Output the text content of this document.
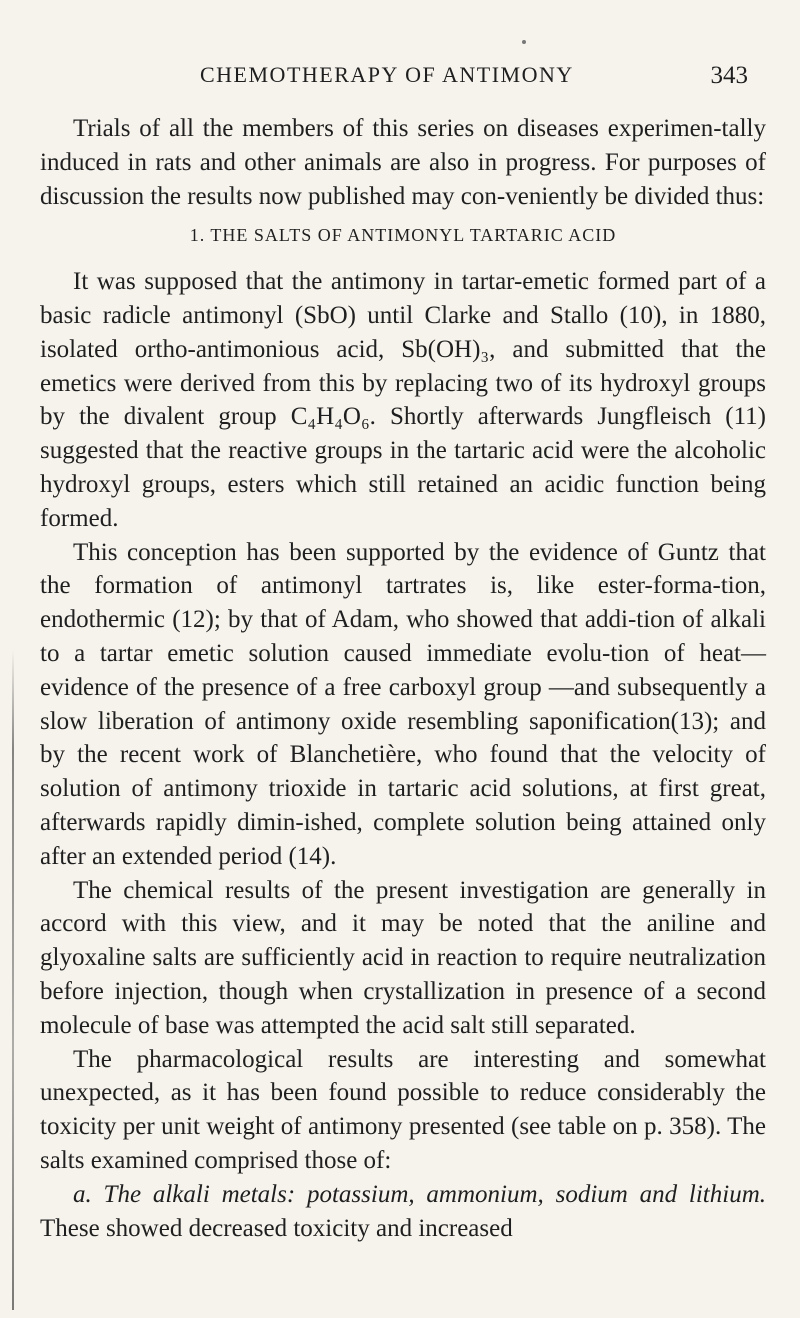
CHEMOTHERAPY OF ANTIMONY	343

Trials of all the members of this series on diseases experimen-tally induced in rats and other animals are also in progress. For purposes of discussion the results now published may con-veniently be divided thus:

1. THE SALTS OF ANTIMONYL TARTARIC ACID

It was supposed that the antimony in tartar-emetic formed part of a basic radicle antimonyl (SbO) until Clarke and Stallo (10), in 1880, isolated ortho-antimonious acid, Sb(OH)₃, and submitted that the emetics were derived from this by replacing two of its hydroxyl groups by the divalent group C₄H₄O₆. Shortly afterwards Jungfleisch (11) suggested that the reactive groups in the tartaric acid were the alcoholic hydroxyl groups, esters which still retained an acidic function being formed.

This conception has been supported by the evidence of Guntz that the formation of antimonyl tartrates is, like ester-forma-tion, endothermic (12); by that of Adam, who showed that addi-tion of alkali to a tartar emetic solution caused immediate evolu-tion of heat—evidence of the presence of a free carboxyl group —and subsequently a slow liberation of antimony oxide resembling saponification(13); and by the recent work of Blanchetière, who found that the velocity of solution of antimony trioxide in tartaric acid solutions, at first great, afterwards rapidly dimin-ished, complete solution being attained only after an extended period (14).

The chemical results of the present investigation are generally in accord with this view, and it may be noted that the aniline and glyoxaline salts are sufficiently acid in reaction to require neutralization before injection, though when crystallization in presence of a second molecule of base was attempted the acid salt still separated.

The pharmacological results are interesting and somewhat unexpected, as it has been found possible to reduce considerably the toxicity per unit weight of antimony presented (see table on p. 358). The salts examined comprised those of:

a. The alkali metals: potassium, ammonium, sodium and lithium. These showed decreased toxicity and increased
